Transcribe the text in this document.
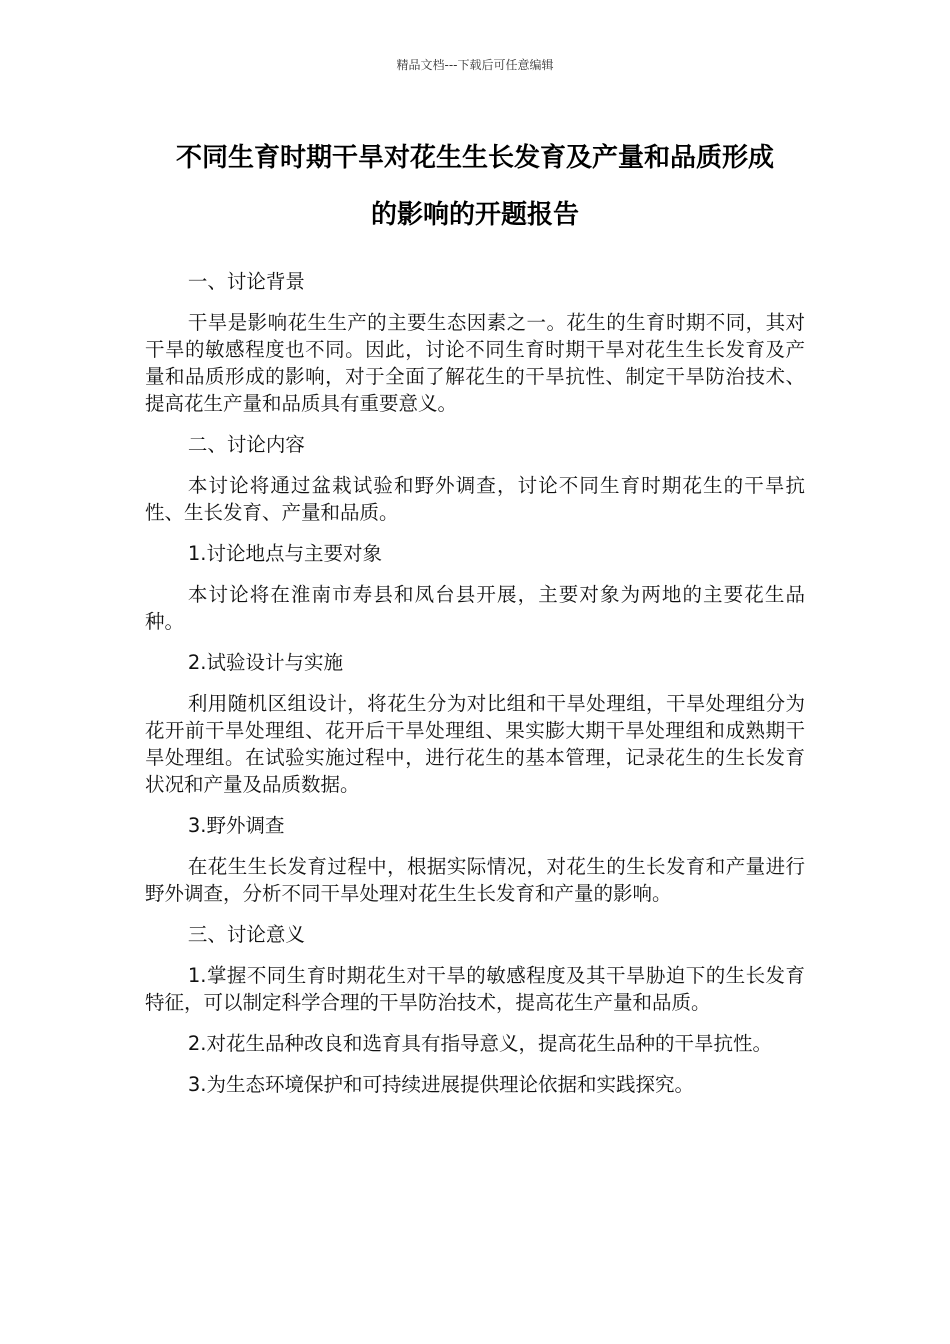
精品文档---下载后可任意编辑
不同生育时期干旱对花生生长发育及产量和品质形成
的影响的开题报告

一、讨论背景

干旱是影响花生生产的主要生态因素之一。花生的生育时期不同，其对干旱的敏感程度也不同。因此，讨论不同生育时期干旱对花生生长发育及产量和品质形成的影响，对于全面了解花生的干旱抗性、制定干旱防治技术、提高花生产量和品质具有重要意义。

二、讨论内容

本讨论将通过盆栽试验和野外调查，讨论不同生育时期花生的干旱抗性、生长发育、产量和品质。

1.讨论地点与主要对象

本讨论将在淮南市寿县和凤台县开展，主要对象为两地的主要花生品种。

2.试验设计与实施

利用随机区组设计，将花生分为对比组和干旱处理组，干旱处理组分为花开前干旱处理组、花开后干旱处理组、果实膨大期干旱处理组和成熟期干旱处理组。在试验实施过程中，进行花生的基本管理，记录花生的生长发育状况和产量及品质数据。

3.野外调查

在花生生长发育过程中，根据实际情况，对花生的生长发育和产量进行野外调查，分析不同干旱处理对花生生长发育和产量的影响。

三、讨论意义

1.掌握不同生育时期花生对干旱的敏感程度及其干旱胁迫下的生长发育特征，可以制定科学合理的干旱防治技术，提高花生产量和品质。

2.对花生品种改良和选育具有指导意义，提高花生品种的干旱抗性。

3.为生态环境保护和可持续进展提供理论依据和实践探究。
